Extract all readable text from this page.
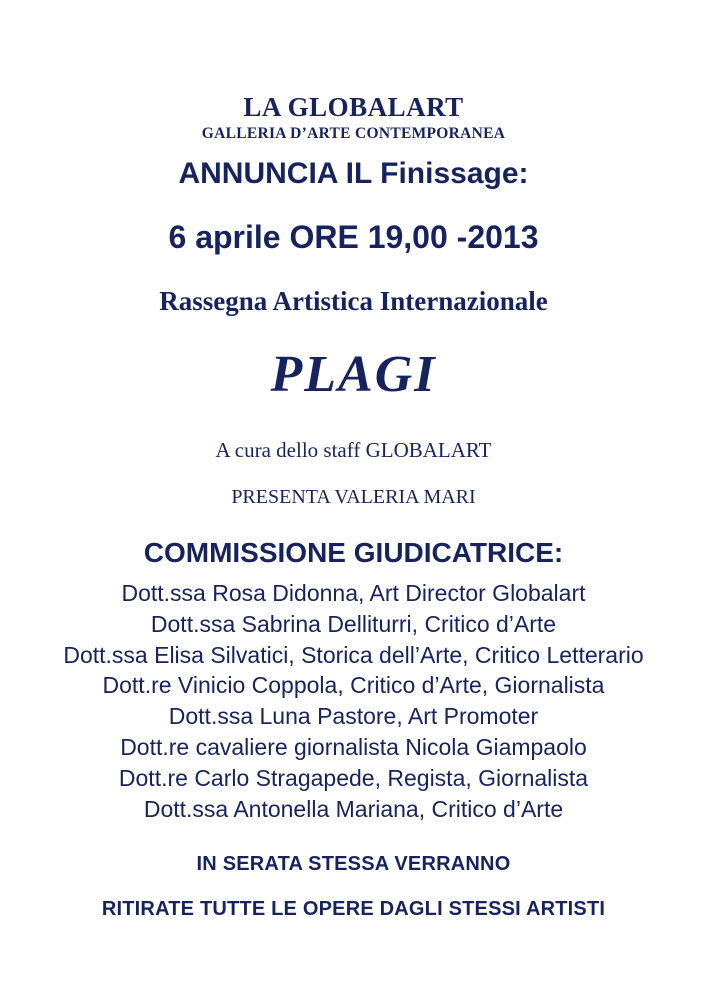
LA GLOBALART
GALLERIA D’ARTE CONTEMPORANEA
ANNUNCIA IL Finissage:
6 aprile ORE 19,00 -2013
Rassegna Artistica Internazionale
PLAGI
A cura dello staff GLOBALART
PRESENTA VALERIA MARI
COMMISSIONE GIUDICATRICE:
Dott.ssa Rosa Didonna, Art Director Globalart
Dott.ssa Sabrina Delliturri, Critico d’Arte
Dott.ssa Elisa Silvatici, Storica dell’Arte, Critico Letterario
Dott.re Vinicio Coppola, Critico d’Arte, Giornalista
Dott.ssa Luna Pastore, Art Promoter
Dott.re cavaliere giornalista Nicola Giampaolo
Dott.re Carlo Stragapede, Regista, Giornalista
Dott.ssa Antonella Mariana, Critico d’Arte
IN SERATA STESSA VERRANNO
RITIRATE TUTTE LE OPERE DAGLI STESSI ARTISTI
